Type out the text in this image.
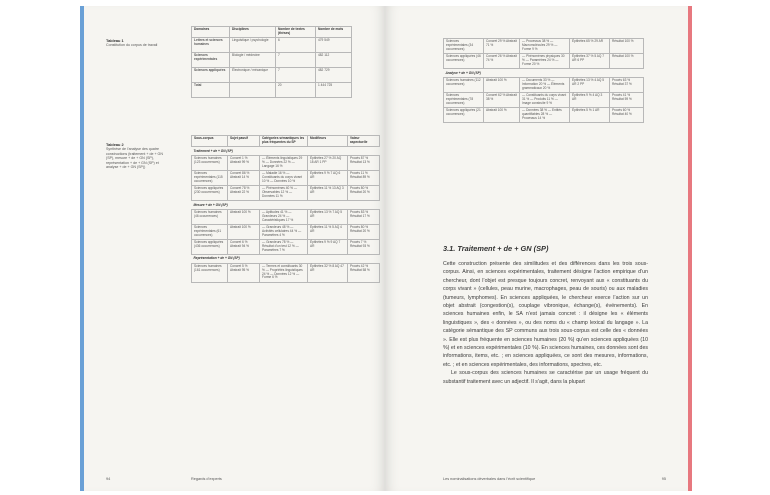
Tableau 1
Constitution du corpus de travail
Domaines	Disciplines	Nombre de textes (thèses)	Nombre de mots
Lettres et sciences humaines	Linguistique / psychologie	6	479 549
Sciences expérimentales	Biologie / médecine	7	482 112
Sciences appliquées	Électronique / mécanique	7	482 729
Total		20	1 444 725
Tableau 2
Synthèse de l’analyse des quatre constructions (traitement + de + GN (SP), mesure + de + GN (SP), représentation + de + GN (SP) et analyse + de + GN (SP))
Sous-corpus	Sujet passif	Catégories sémantiques les plus fréquentes du SP	Modifieurs	Valeur aspectuelle
Traitement + de + GN (SP)				
Sciences humaines (123 occurrences)	Concret 1 % Abstrait 99 %	— Éléments linguistiques 29 % — Données 22 % — Langage 16 %	Épithètes 27 % 20 AQ 18 AR 1 PP	Procès 87 % Résultat 13 %
Sciences expérimentales (115 occurrences)	Concret 86 % Abstrait 14 %	— Maladie 16 % — Constituants du corps vivant 10 % — Données 10 %	Épithètes 9 % 7 AQ 6 AR	Procès 11 % Résultat 89 %
Sciences appliquées (230 occurrences)	Concret 78 % Abstrait 22 %	— Phénomènes 40 % — Observables 12 % — Données 11 %	Épithètes 11 % 13 AQ 3 AR	Procès 80 % Résultat 20 %
Mesure + de + GN (SP)				
Sciences humaines (46 occurrences)	Abstrait 100 %	— Aptitudes 41 % — Grandeurs 24 % — Caractéristiques 17 %	Épithètes 13 % 7 AQ 5 AR	Procès 83 % Résultat 17 %
Sciences expérimentales (61 occurrences)	Abstrait 100 %	— Grandeurs 48 % — Activités cellulaires 44 % — Paramètres 4 %	Épithètes 11 % 5 AQ 4 AR	Procès 80 % Résultat 20 %
Sciences appliquées (436 occurrences)	Concret 6 % Abstrait 94 %	— Grandeurs 78 % — Résultat d’un test 12 % — Paramètres 7 %	Épithètes 9 % 9 AQ 7 AR	Procès 7 % Résultat 93 %
Représentation + de + GN (SP)				
Sciences humaines (161 occurrences)	Concret 5 % Abstrait 95 %	— Termes et constituants 30 % — Propriétés linguistiques 24 % — Données 12 % — Forme 6 %	Épithètes 32 % 8 AQ 47 AR	Procès 42 % Résultat 58 %
94	Regards d’experts
Sciences expérimentales (34 occurrences)	Concret 29 % Abstrait 71 %	— Processus 38 % — Macromolécules 29 % — Forme 9 %	Épithètes 65 % 29 AR	Résultat 100 %
Sciences appliquées (46 occurrences)	Concret 26 % Abstrait 74 %	— Phénomènes physiques 30 % — Paramètres 24 % — Forme 20 %	Épithètes 37 % 5 AQ 7 AR 6 PP	Résultat 100 %
Analyse + de + GN (SP)				
Sciences humaines (112 occurrences)	Abstrait 100 %	— Documents 33 % — Information 20 % — Éléments grammaticaux 20 %	Épithètes 13 % 4 AQ 5 AR 2 PP	Procès 63 % Résultat 37 %
Sciences expérimentales (78 occurrences)	Concret 62 % Abstrait 38 %	— Constituants du corps vivant 31 % — Produits 11 % — Image construite 9 %	Épithètes 9 % 4 AQ 3 AR	Procès 41 % Résultat 59 %
Sciences appliquées (21 occurrences)	Abstrait 100 %	— Données 38 % — Entités quantifiables 28 % — Processus 14 %	Épithètes 5 % 1 AR	Procès 60 % Résultat 40 %
3.1. Traitement + de + GN (SP)

Cette construction présente des similitudes et des différences dans les trois sous-corpus. Ainsi, en sciences expérimentales, traitement désigne l’action empirique d’un chercheur, dont l’objet est presque toujours concret, renvoyant aux « constituants du corps vivant » (cellules, peau murine, macrophages, peau de souris) ou aux maladies (tumeurs, lymphomes). En sciences appliquées, le chercheur exerce l’action sur un objet abstrait (congestion(s), couplage vibronique, échange(s), événements). En sciences humaines enfin, le SA n’est jamais concret : il désigne les « éléments linguistiques », des « données », ou des noms du « champ lexical du langage ». La catégorie sémantique des SP communs aux trois sous-corpus est celle des « données ». Elle est plus fréquente en sciences humaines (20 %) qu’en sciences appliquées (10 %) et en sciences expérimentales (10 %). En sciences humaines, ces données sont des informations, items, etc. ; en sciences appliquées, ce sont des mesures, informations, etc. ; et en sciences expérimentales, des informations, spectres, etc.

Le sous-corpus des sciences humaines se caractérise par un usage fréquent du substantif traitement avec un adjectif. Il s’agit, dans la plupart

Les nominalisations déverbales dans l’écrit scientifique	95
